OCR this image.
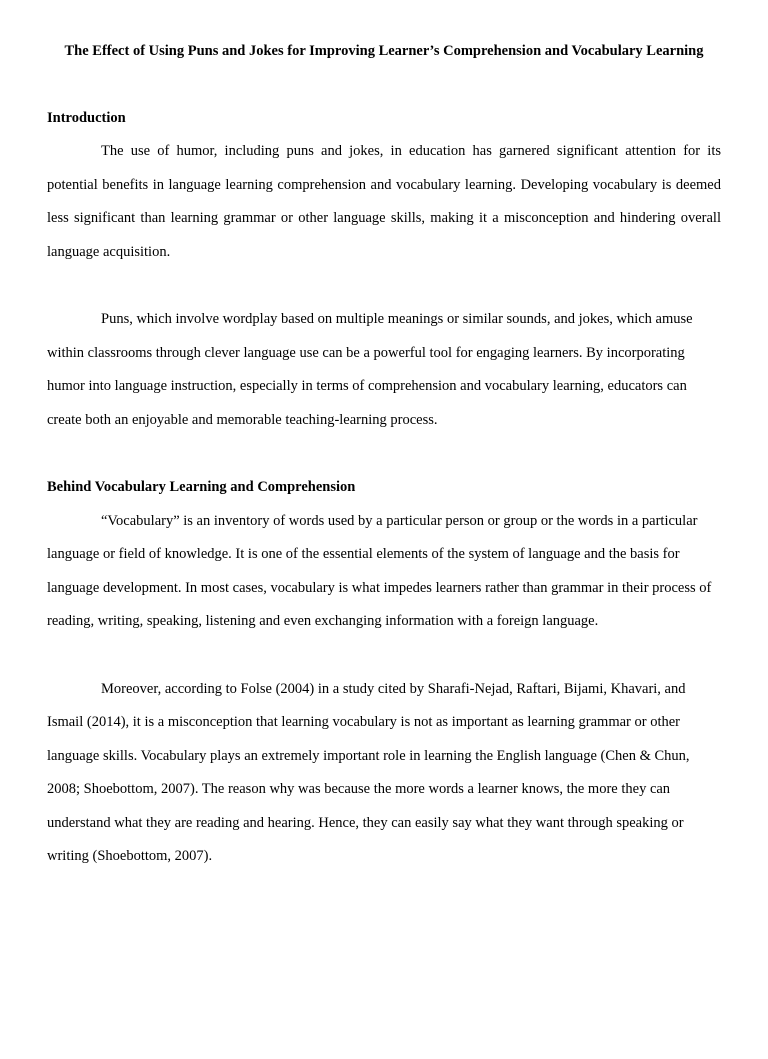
The Effect of Using Puns and Jokes for Improving Learner’s Comprehension and Vocabulary Learning
Introduction

The use of humor, including puns and jokes, in education has garnered significant attention for its potential benefits in language learning comprehension and vocabulary learning. Developing vocabulary is deemed less significant than learning grammar or other language skills, making it a misconception and hindering overall language acquisition.

Puns, which involve wordplay based on multiple meanings or similar sounds, and jokes, which amuse within classrooms through clever language use can be a powerful tool for engaging learners. By incorporating humor into language instruction, especially in terms of comprehension and vocabulary learning, educators can create both an enjoyable and memorable teaching-learning process.

Behind Vocabulary Learning and Comprehension

“Vocabulary” is an inventory of words used by a particular person or group or the words in a particular language or field of knowledge. It is one of the essential elements of the system of language and the basis for language development. In most cases, vocabulary is what impedes learners rather than grammar in their process of reading, writing, speaking, listening and even exchanging information with a foreign language.

Moreover, according to Folse (2004) in a study cited by Sharafi-Nejad, Raftari, Bijami, Khavari, and Ismail (2014), it is a misconception that learning vocabulary is not as important as learning grammar or other language skills. Vocabulary plays an extremely important role in learning the English language (Chen & Chun, 2008; Shoebottom, 2007). The reason why was because the more words a learner knows, the more they can understand what they are reading and hearing. Hence, they can easily say what they want through speaking or writing (Shoebottom, 2007).
